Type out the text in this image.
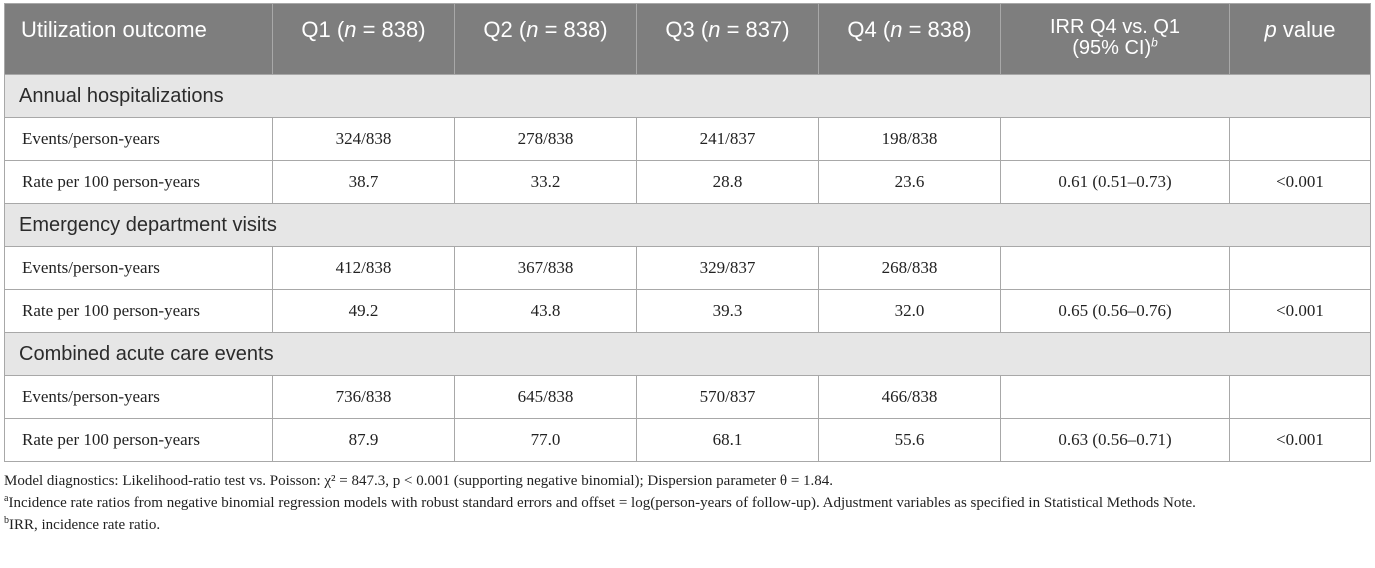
Utilization outcome	Q1 (n = 838)	Q2 (n = 838)	Q3 (n = 837)	Q4 (n = 838)	IRR Q4 vs. Q1
(95% CI)$^b$	p value
Annual hospitalizations						
Events/person-years	324/838	278/838	241/837	198/838		
Rate per 100 person-years	38.7	33.2	28.8	23.6	0.61 (0.51–0.73)	<0.001
Emergency department visits						
Events/person-years	412/838	367/838	329/837	268/838		
Rate per 100 person-years	49.2	43.8	39.3	32.0	0.65 (0.56–0.76)	<0.001
Combined acute care events						
Events/person-years	736/838	645/838	570/837	466/838		
Rate per 100 person-years	87.9	77.0	68.1	55.6	0.63 (0.56–0.71)	<0.001

Model diagnostics: Likelihood-ratio test vs. Poisson: χ² = 847.3, p < 0.001 (supporting negative binomial); Dispersion parameter θ = 1.84.

$^a$Incidence rate ratios from negative binomial regression models with robust standard errors and offset = log(person-years of follow-up). Adjustment variables as specified in Statistical Methods Note.

$^b$IRR, incidence rate ratio.
